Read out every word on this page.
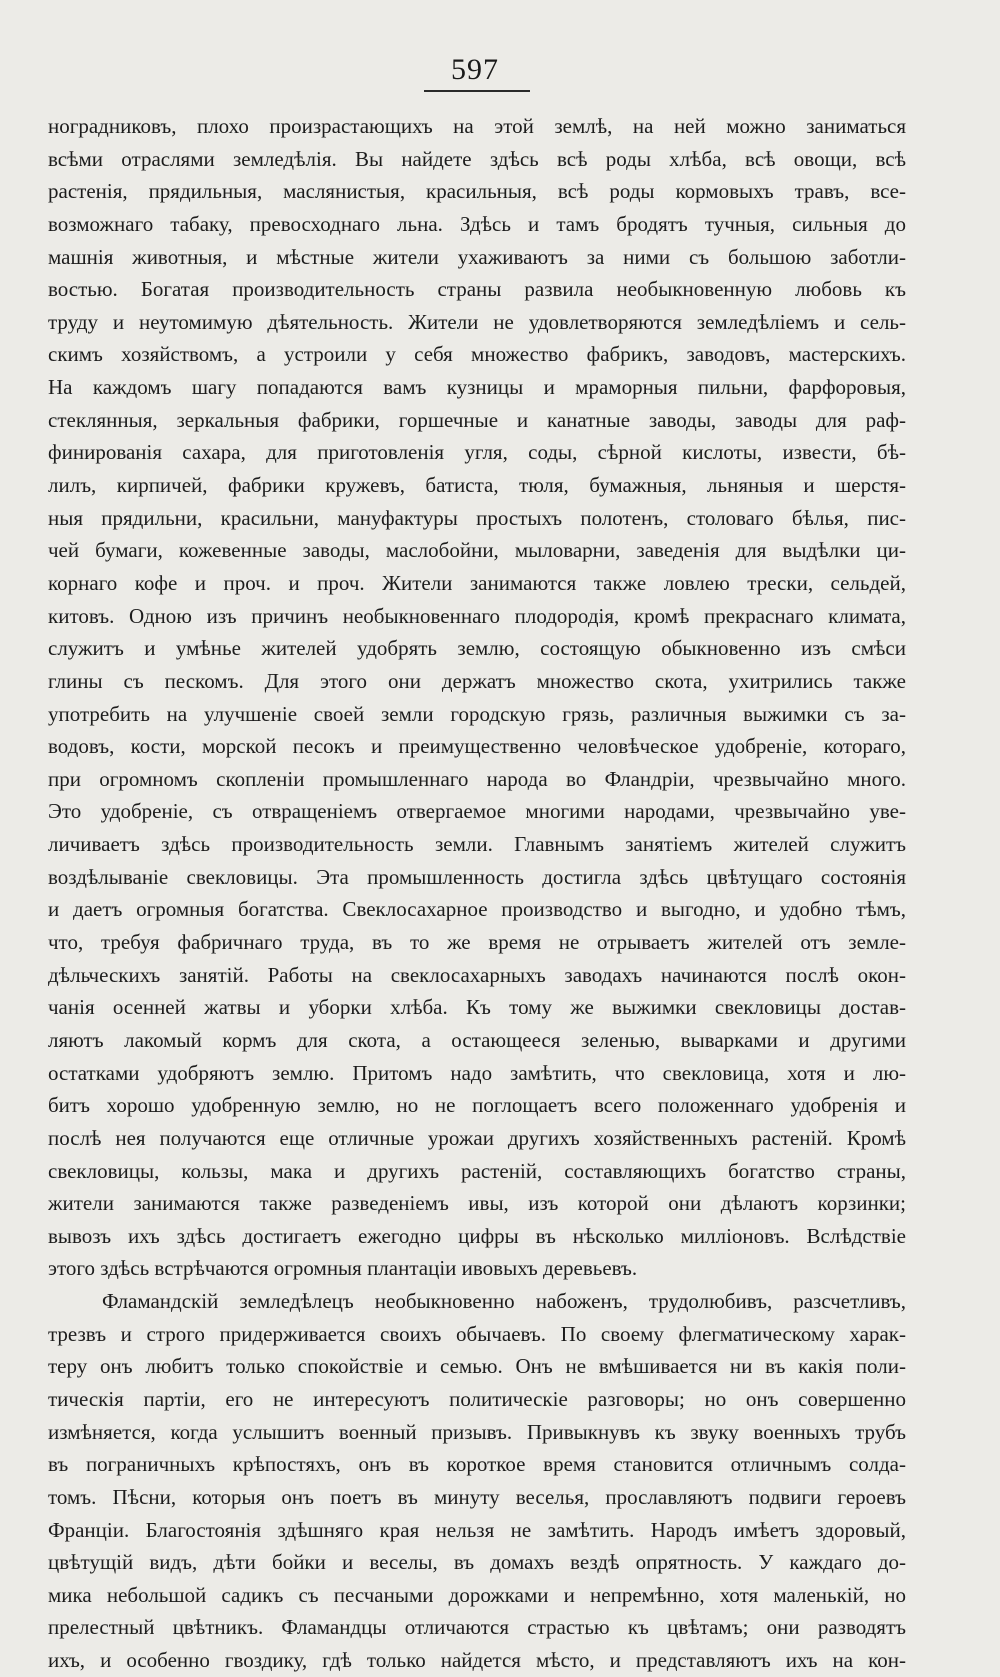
597
ноградниковъ, плохо произрастающихъ на этой землѣ, на ней можно заниматься
всѣми отраслями земледѣлія. Вы найдете здѣсь всѣ роды хлѣба, всѣ овощи, всѣ
растенія, прядильныя, маслянистыя, красильныя, всѣ роды кормовыхъ травъ, все-
возможнаго табаку, превосходнаго льна. Здѣсь и тамъ бродятъ тучныя, сильныя до
машнія животныя, и мѣстные жители ухаживаютъ за ними съ большою заботли-
востью. Богатая производительность страны развила необыкновенную любовь къ
труду и неутомимую дѣятельность. Жители не удовлетворяются земледѣліемъ и сель-
скимъ хозяйствомъ, а устроили у себя множество фабрикъ, заводовъ, мастерскихъ.
На каждомъ шагу попадаются вамъ кузницы и мраморныя пильни, фарфоровыя,
стеклянныя, зеркальныя фабрики, горшечные и канатные заводы, заводы для раф-
финированія сахара, для приготовленія угля, соды, сѣрной кислоты, извести, бѣ-
лилъ, кирпичей, фабрики кружевъ, батиста, тюля, бумажныя, льняныя и шерстя-
ныя прядильни, красильни, мануфактуры простыхъ полотенъ, столоваго бѣлья, пис-
чей бумаги, кожевенные заводы, маслобойни, мыловарни, заведенія для выдѣлки ци-
корнаго кофе и проч. и проч. Жители занимаются также ловлею трески, сельдей,
китовъ. Одною изъ причинъ необыкновеннаго плодородія, кромѣ прекраснаго климата,
служитъ и умѣнье жителей удобрять землю, состоящую обыкновенно изъ смѣси
глины съ пескомъ. Для этого они держатъ множество скота, ухитрились также
употребить на улучшеніе своей земли городскую грязь, различныя выжимки съ за-
водовъ, кости, морской песокъ и преимущественно человѣческое удобреніе, котораго,
при огромномъ скопленіи промышленнаго народа во Фландріи, чрезвычайно много.
Это удобреніе, съ отвращеніемъ отвергаемое многими народами, чрезвычайно уве-
личиваетъ здѣсь производительность земли. Главнымъ занятіемъ жителей служитъ
воздѣлываніе свекловицы. Эта промышленность достигла здѣсь цвѣтущаго состоянія
и даетъ огромныя богатства. Свеклосахарное производство и выгодно, и удобно тѣмъ,
что, требуя фабричнаго труда, въ то же время не отрываетъ жителей отъ земле-
дѣльческихъ занятій. Работы на свеклосахарныхъ заводахъ начинаются послѣ окон-
чанія осенней жатвы и уборки хлѣба. Къ тому же выжимки свекловицы достав-
ляютъ лакомый кормъ для скота, а остающееся зеленью, выварками и другими
остатками удобряютъ землю. Притомъ надо замѣтить, что свекловица, хотя и лю-
битъ хорошо удобренную землю, но не поглощаетъ всего положеннаго удобренія и
послѣ нея получаются еще отличные урожаи другихъ хозяйственныхъ растеній. Кромѣ
свекловицы, кользы, мака и другихъ растеній, составляющихъ богатство страны,
жители занимаются также разведеніемъ ивы, изъ которой они дѣлаютъ корзинки;
вывозъ ихъ здѣсь достигаетъ ежегодно цифры въ нѣсколько милліоновъ. Вслѣдствіе
этого здѣсь встрѣчаются огромныя плантаціи ивовыхъ деревьевъ.
Фламандскій земледѣлецъ необыкновенно набоженъ, трудолюбивъ, разсчетливъ,
трезвъ и строго придерживается своихъ обычаевъ. По своему флегматическому харак-
теру онъ любитъ только спокойствіе и семью. Онъ не вмѣшивается ни въ какія поли-
тическія партіи, его не интересуютъ политическіе разговоры; но онъ совершенно
измѣняется, когда услышитъ военный призывъ. Привыкнувъ къ звуку военныхъ трубъ
въ пограничныхъ крѣпостяхъ, онъ въ короткое время становится отличнымъ солда-
томъ. Пѣсни, которыя онъ поетъ въ минуту веселья, прославляютъ подвиги героевъ
Франціи. Благостоянія здѣшняго края нельзя не замѣтить. Народъ имѣетъ здоровый,
цвѣтущій видъ, дѣти бойки и веселы, въ домахъ вездѣ опрятность. У каждаго до-
мика небольшой садикъ съ песчаными дорожками и непремѣнно, хотя маленькій, но
прелестный цвѣтникъ. Фламандцы отличаются страстью къ цвѣтамъ; они разводятъ
ихъ, и особенно гвоздику, гдѣ только найдется мѣсто, и представляютъ ихъ на кон-
